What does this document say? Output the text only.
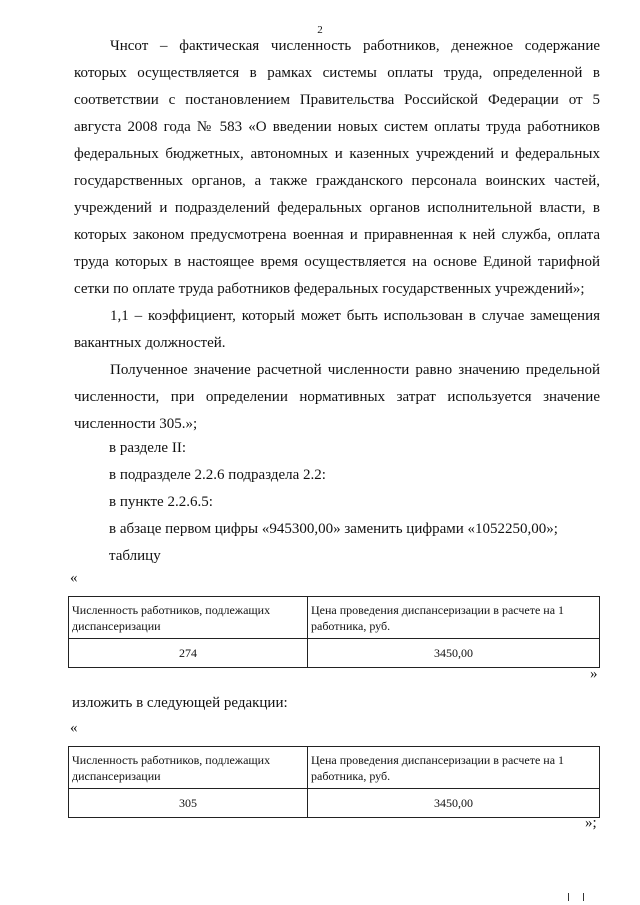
2

Чнсот – фактическая численность работников, денежное содержание которых осуществляется в рамках системы оплаты труда, определенной в соответствии с постановлением Правительства Российской Федерации от 5 августа 2008 года № 583 «О введении новых систем оплаты труда работников федеральных бюджетных, автономных и казенных учреждений и федеральных государственных органов, а также гражданского персонала воинских частей, учреждений и подразделений федеральных органов исполнительной власти, в которых законом предусмотрена военная и приравненная к ней служба, оплата труда которых в настоящее время осуществляется на основе Единой тарифной сетки по оплате труда работников федеральных государственных учреждений»;

1,1 – коэффициент, который может быть использован в случае замещения вакантных должностей.

Полученное значение расчетной численности равно значению предельной численности, при определении нормативных затрат используется значение численности 305.»;

в разделе II:
в подразделе 2.2.6 подраздела 2.2:
в пункте 2.2.6.5:
в абзаце первом цифры «945300,00» заменить цифрами «1052250,00»;
таблицу
«
Численность работников, подлежащих диспансеризации	Цена проведения диспансеризации в расчете на 1 работника, руб.
274	3450,00
»
изложить в следующей редакции:
«
Численность работников, подлежащих диспансеризации	Цена проведения диспансеризации в расчете на 1 работника, руб.
305	3450,00
»;
